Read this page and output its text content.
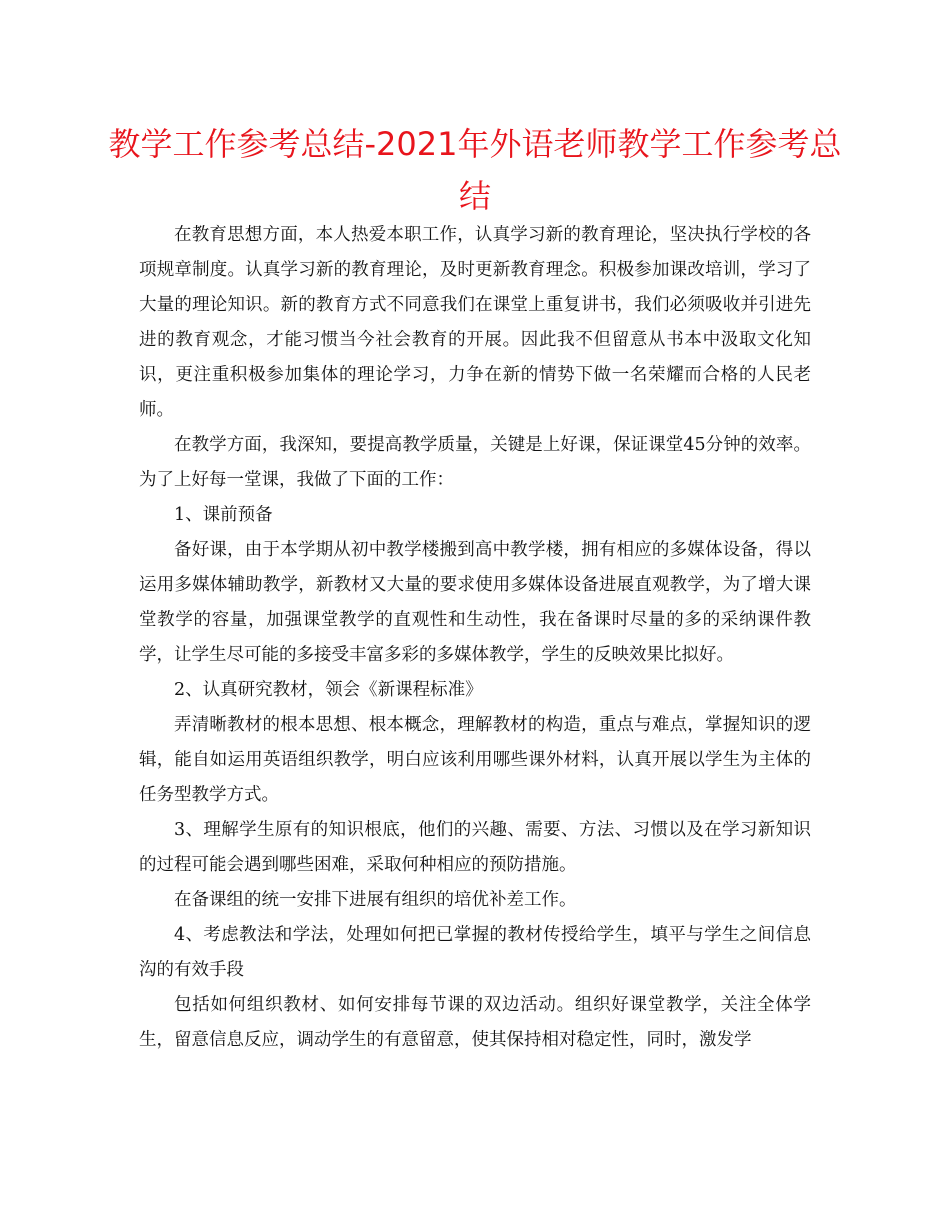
教学工作参考总结-2021年外语老师教学工作参考总结

在教育思想方面，本人热爱本职工作，认真学习新的教育理论，坚决执行学校的各项规章制度。认真学习新的教育理论，及时更新教育理念。积极参加课改培训，学习了大量的理论知识。新的教育方式不同意我们在课堂上重复讲书，我们必须吸收并引进先进的教育观念，才能习惯当今社会教育的开展。因此我不但留意从书本中汲取文化知识，更注重积极参加集体的理论学习，力争在新的情势下做一名荣耀而合格的人民老师。

在教学方面，我深知，要提高教学质量，关键是上好课，保证课堂45分钟的效率。为了上好每一堂课，我做了下面的工作：

1、课前预备

备好课，由于本学期从初中教学楼搬到高中教学楼，拥有相应的多媒体设备，得以运用多媒体辅助教学，新教材又大量的要求使用多媒体设备进展直观教学，为了增大课堂教学的容量，加强课堂教学的直观性和生动性，我在备课时尽量的多的采纳课件教学，让学生尽可能的多接受丰富多彩的多媒体教学，学生的反映效果比拟好。

2、认真研究教材，领会《新课程标准》

弄清晰教材的根本思想、根本概念，理解教材的构造，重点与难点，掌握知识的逻辑，能自如运用英语组织教学，明白应该利用哪些课外材料，认真开展以学生为主体的任务型教学方式。

3、理解学生原有的知识根底，他们的兴趣、需要、方法、习惯以及在学习新知识的过程可能会遇到哪些困难，采取何种相应的预防措施。

在备课组的统一安排下进展有组织的培优补差工作。

4、考虑教法和学法，处理如何把已掌握的教材传授给学生，填平与学生之间信息沟的有效手段

包括如何组织教材、如何安排每节课的双边活动。组织好课堂教学，关注全体学生，留意信息反应，调动学生的有意留意，使其保持相对稳定性，同时，激发学
